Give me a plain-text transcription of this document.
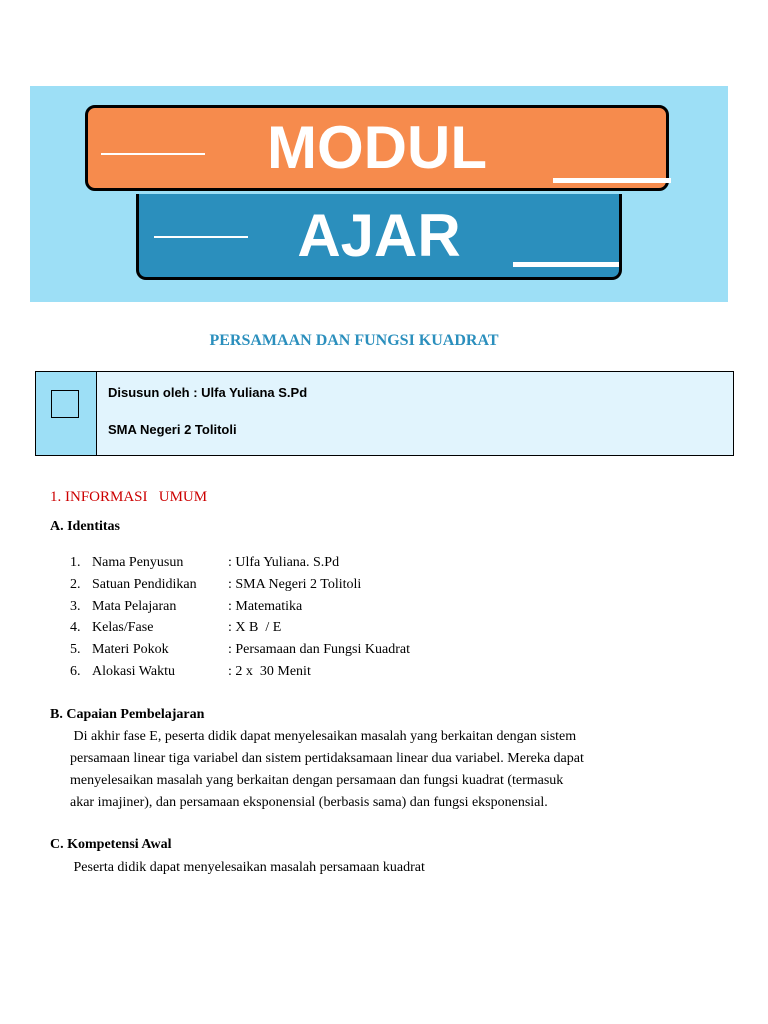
MODUL
AJAR
PERSAMAAN DAN FUNGSI KUADRAT
Disusun oleh : Ulfa Yuliana S.Pd
SMA Negeri 2 Tolitoli
1. INFORMASI   UMUM
A. Identitas
1. Nama Penyusun	: Ulfa Yuliana. S.Pd
2. Satuan Pendidikan : SMA Negeri 2 Tolitoli
3. Mata Pelajaran	: Matematika
4. Kelas/Fase	: X B  / E
5. Materi Pokok	: Persamaan dan Fungsi Kuadrat
6. Alokasi Waktu	: 2 x  30 Menit
B. Capaian Pembelajaran
Di akhir fase E, peserta didik dapat menyelesaikan masalah yang berkaitan dengan sistem
persamaan linear tiga variabel dan sistem pertidaksamaan linear dua variabel. Mereka dapat
menyelesaikan masalah yang berkaitan dengan persamaan dan fungsi kuadrat (termasuk
akar imajiner), dan persamaan eksponensial (berbasis sama) dan fungsi eksponensial.
C. Kompetensi Awal
Peserta didik dapat menyelesaikan masalah persamaan kuadrat
